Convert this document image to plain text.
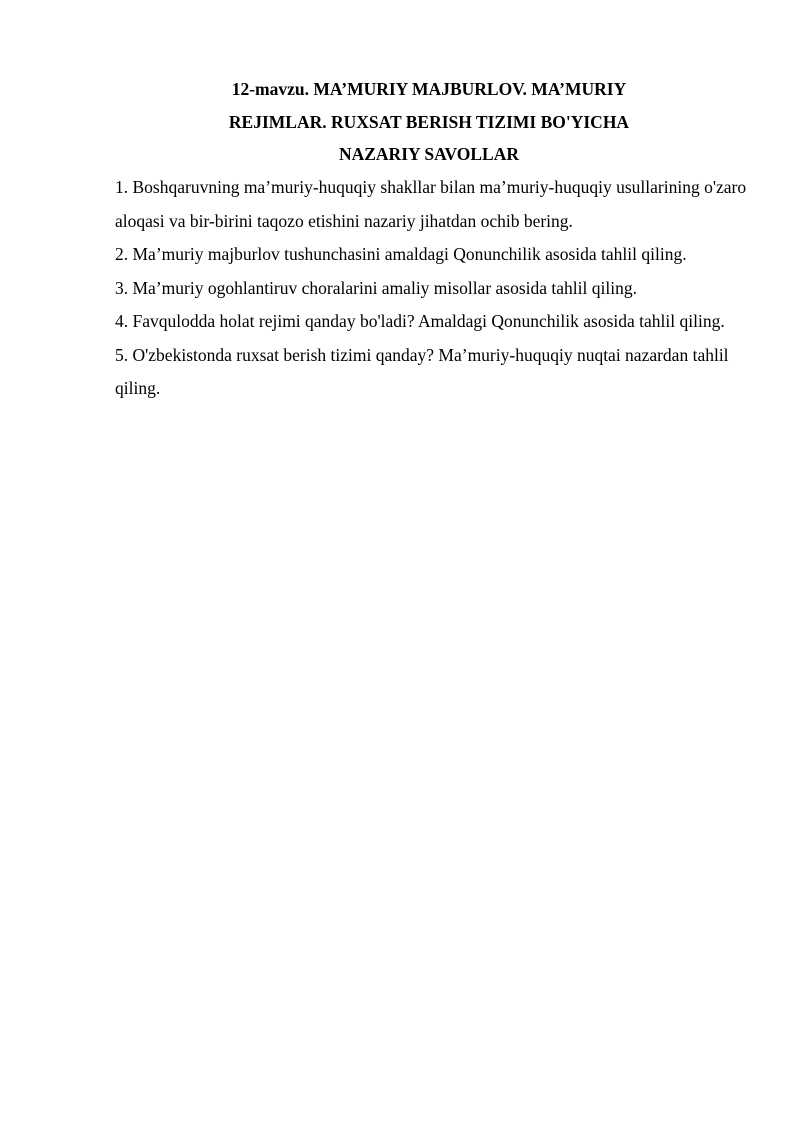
12-mavzu. MA’MURIY MAJBURLOV. MA’MURIY
REJIMLAR. RUXSAT BERISH TIZIMI BO'YICHA
NAZARIY SAVOLLAR

1. Boshqaruvning ma’muriy-huquqiy shakllar bilan ma’muriy-huquqiy usullarining o'zaro aloqasi va bir-birini taqozo etishini nazariy jihatdan ochib bering.

2. Ma’muriy majburlov tushunchasini amaldagi Qonunchilik asosida tahlil qiling.

3. Ma’muriy ogohlantiruv choralarini amaliy misollar asosida tahlil qiling.

4. Favqulodda holat rejimi qanday bo'ladi? Amaldagi Qonunchilik asosida tahlil qiling.

5. O'zbekistonda ruxsat berish tizimi qanday? Ma’muriy-huquqiy nuqtai nazardan tahlil qiling.
